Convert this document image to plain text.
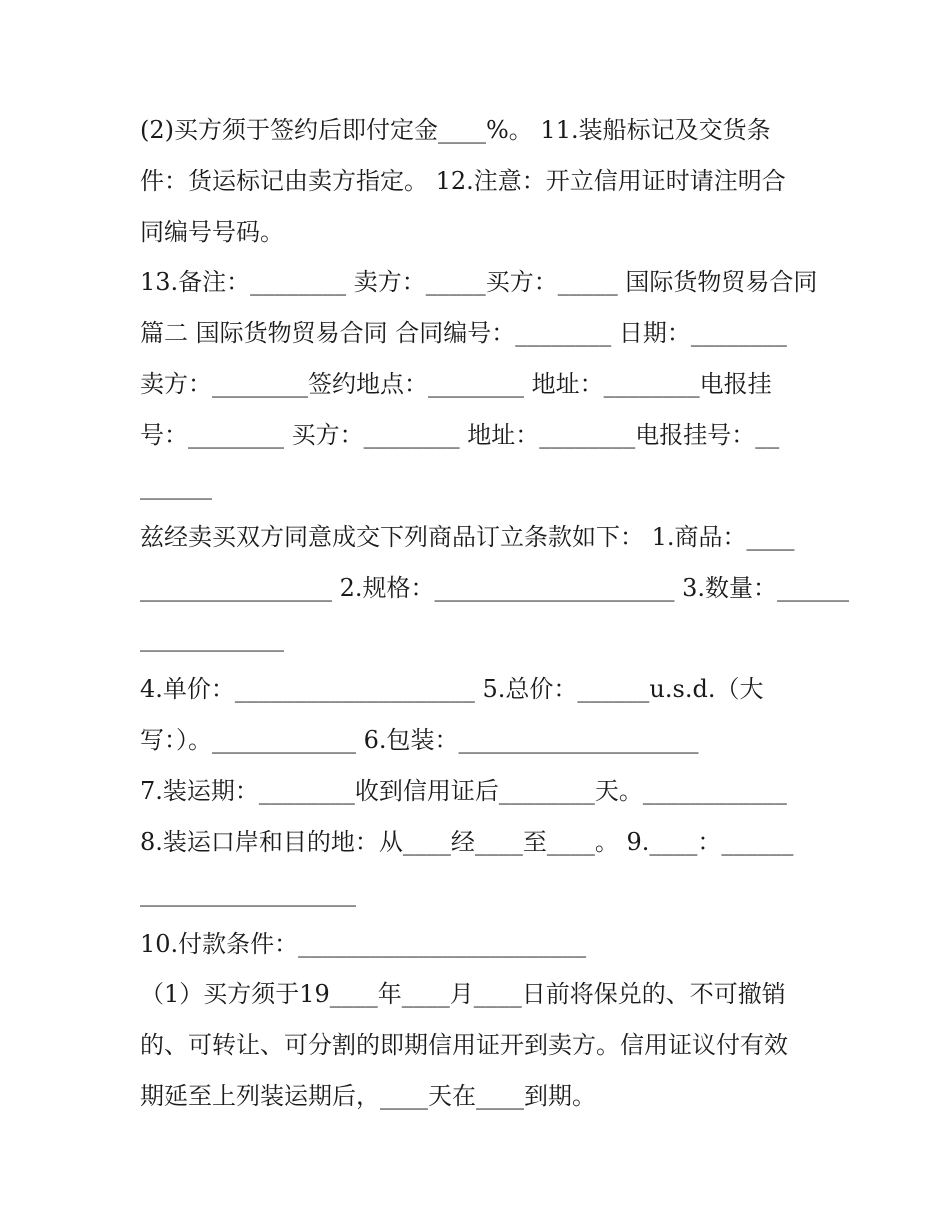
(2)买方须于签约后即付定金____%。 11.装船标记及交货条
件：货运标记由卖方指定。 12.注意：开立信用证时请注明合
同编号号码。
13.备注：________ 卖方：_____买方：_____ 国际货物贸易合同
篇二 国际货物贸易合同 合同编号：________ 日期：________
卖方：________签约地点：________ 地址：________电报挂
号：________ 买方：________ 地址：________电报挂号：__
______
兹经卖买双方同意成交下列商品订立条款如下： 1.商品：____
________________ 2.规格：____________________ 3.数量：______
____________
4.单价：____________________ 5.总价：______u.s.d.（大
写：）。____________ 6.包装：____________________
7.装运期：________收到信用证后________天。____________
8.装运口岸和目的地：从____经____至____。 9.____：______
__________________
10.付款条件：________________________
（1）买方须于19____年____月____日前将保兑的、不可撤销
的、可转让、可分割的即期信用证开到卖方。信用证议付有效
期延至上列装运期后，____天在____到期。
